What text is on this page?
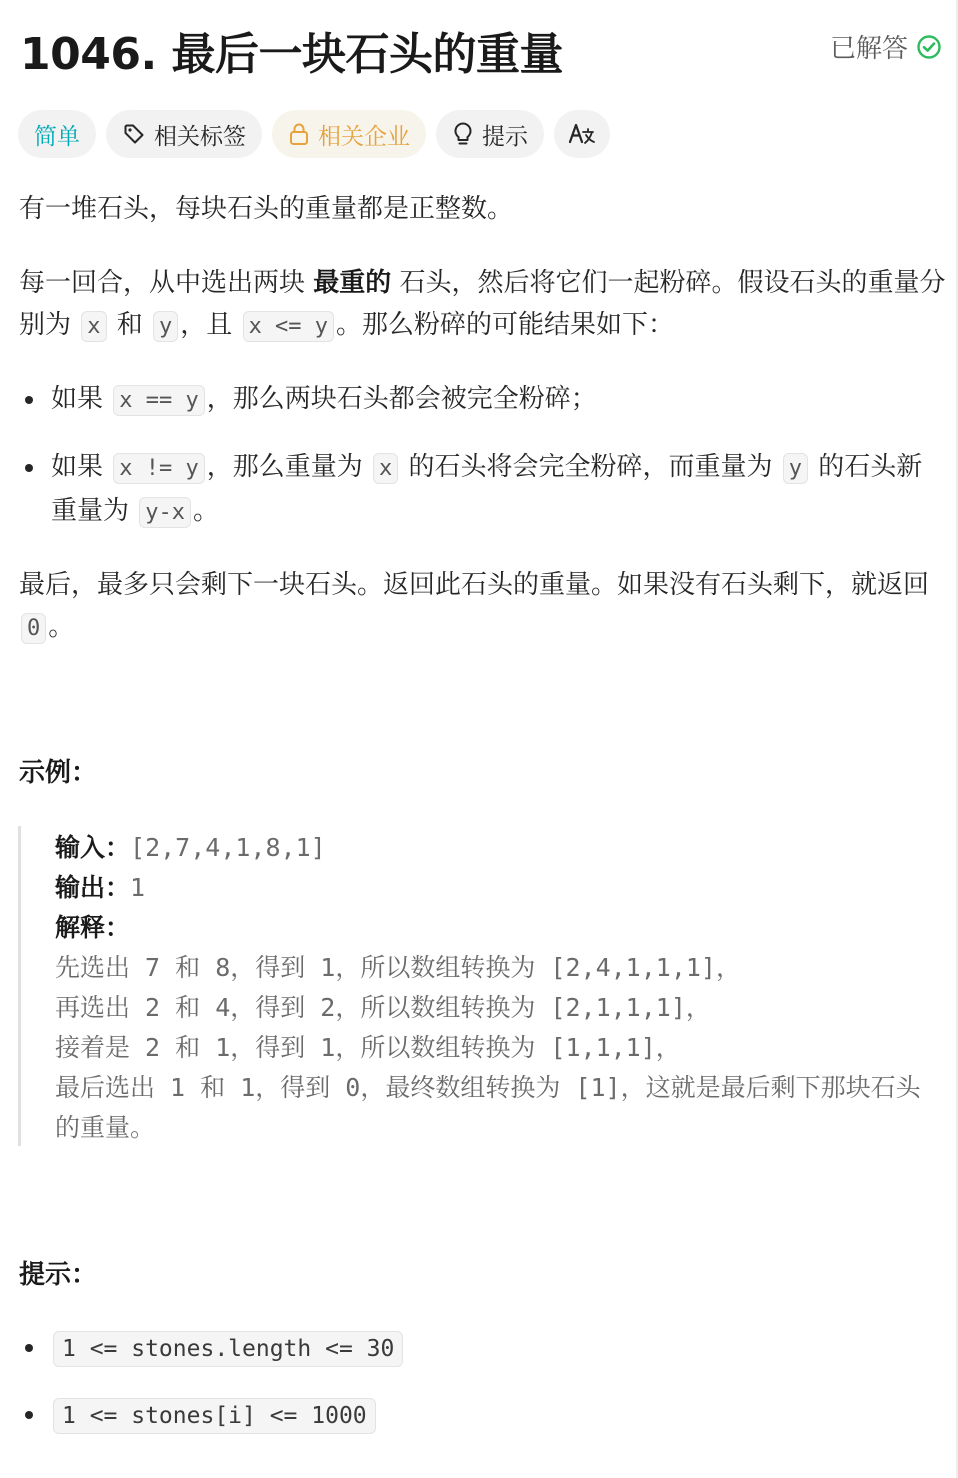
1046. 最后一块石头的重量	已解答
简单	相关标签	相关企业	提示

有一堆石头，每块石头的重量都是正整数。

每一回合，从中选出两块 最重的 石头，然后将它们一起粉碎。假设石头的重量分别为 x 和 y ，且 x <= y 。那么粉碎的可能结果如下：

如果 x == y ，那么两块石头都会被完全粉碎；
如果 x != y ，那么重量为 x 的石头将会完全粉碎，而重量为 y 的石头新重量为 y-x 。

最后，最多只会剩下一块石头。返回此石头的重量。如果没有石头剩下，就返回 0 。

示例：
输入：[2,7,4,1,8,1]
输出：1
解释：
先选出 7 和 8，得到 1，所以数组转换为 [2,4,1,1,1]，
再选出 2 和 4，得到 2，所以数组转换为 [2,1,1,1]，
接着是 2 和 1，得到 1，所以数组转换为 [1,1,1]，
最后选出 1 和 1，得到 0，最终数组转换为 [1]，这就是最后剩下那块石头的重量。
提示：
1 <= stones.length <= 30
1 <= stones[i] <= 1000
